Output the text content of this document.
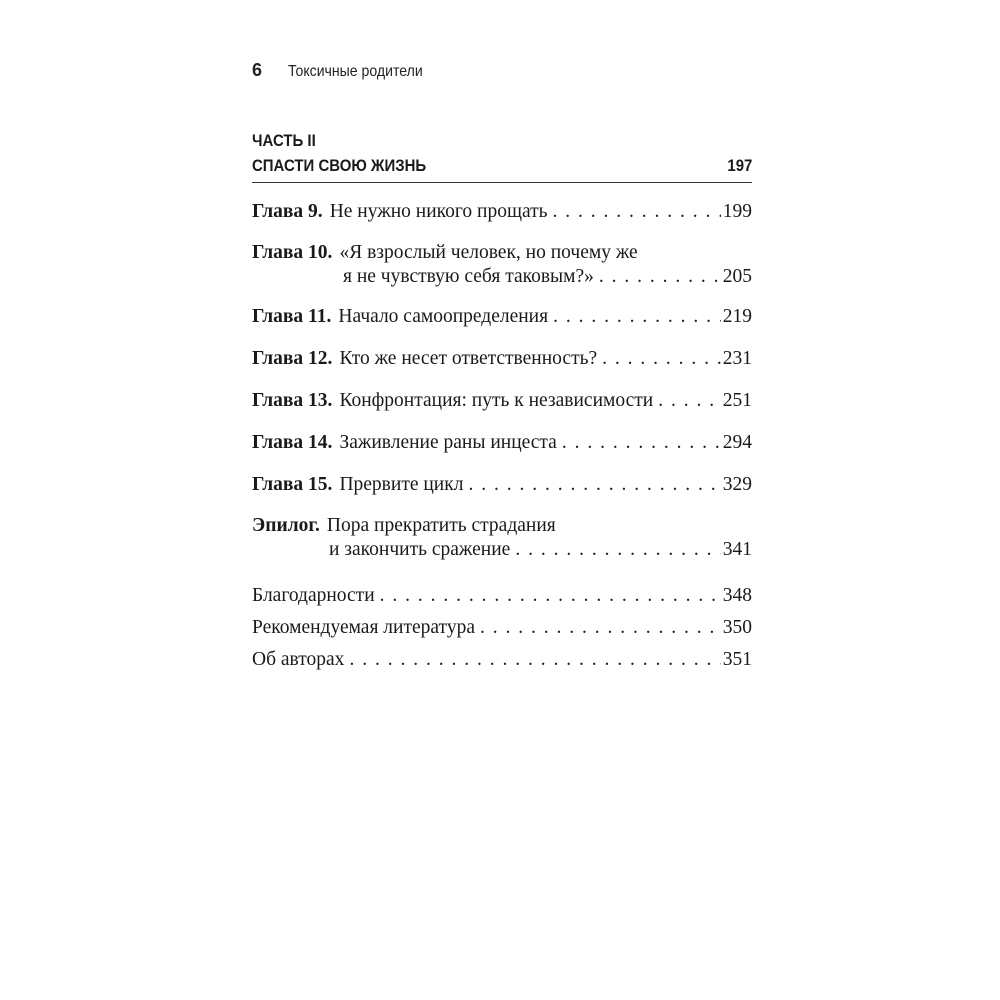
6 Токсичные родители
ЧАСТЬ II
СПАСТИ СВОЮ ЖИЗНЬ	197
Глава 9. Не нужно никого прощать . . .	199
Глава 10. «Я взрослый человек, но почему же
я не чувствую себя таковым?» . . .	205
Глава 11. Начало самоопределения . . .	219
Глава 12. Кто же несет ответственность? . . .	231
Глава 13. Конфронтация: путь к независимости . . .	251
Глава 14. Заживление раны инцеста . . .	294
Глава 15. Прервите цикл . . .	329
Эпилог. Пора прекратить страдания
и закончить сражение . . .	341
Благодарности . . .	348
Рекомендуемая литература . . .	350
Об авторах . . .	351
